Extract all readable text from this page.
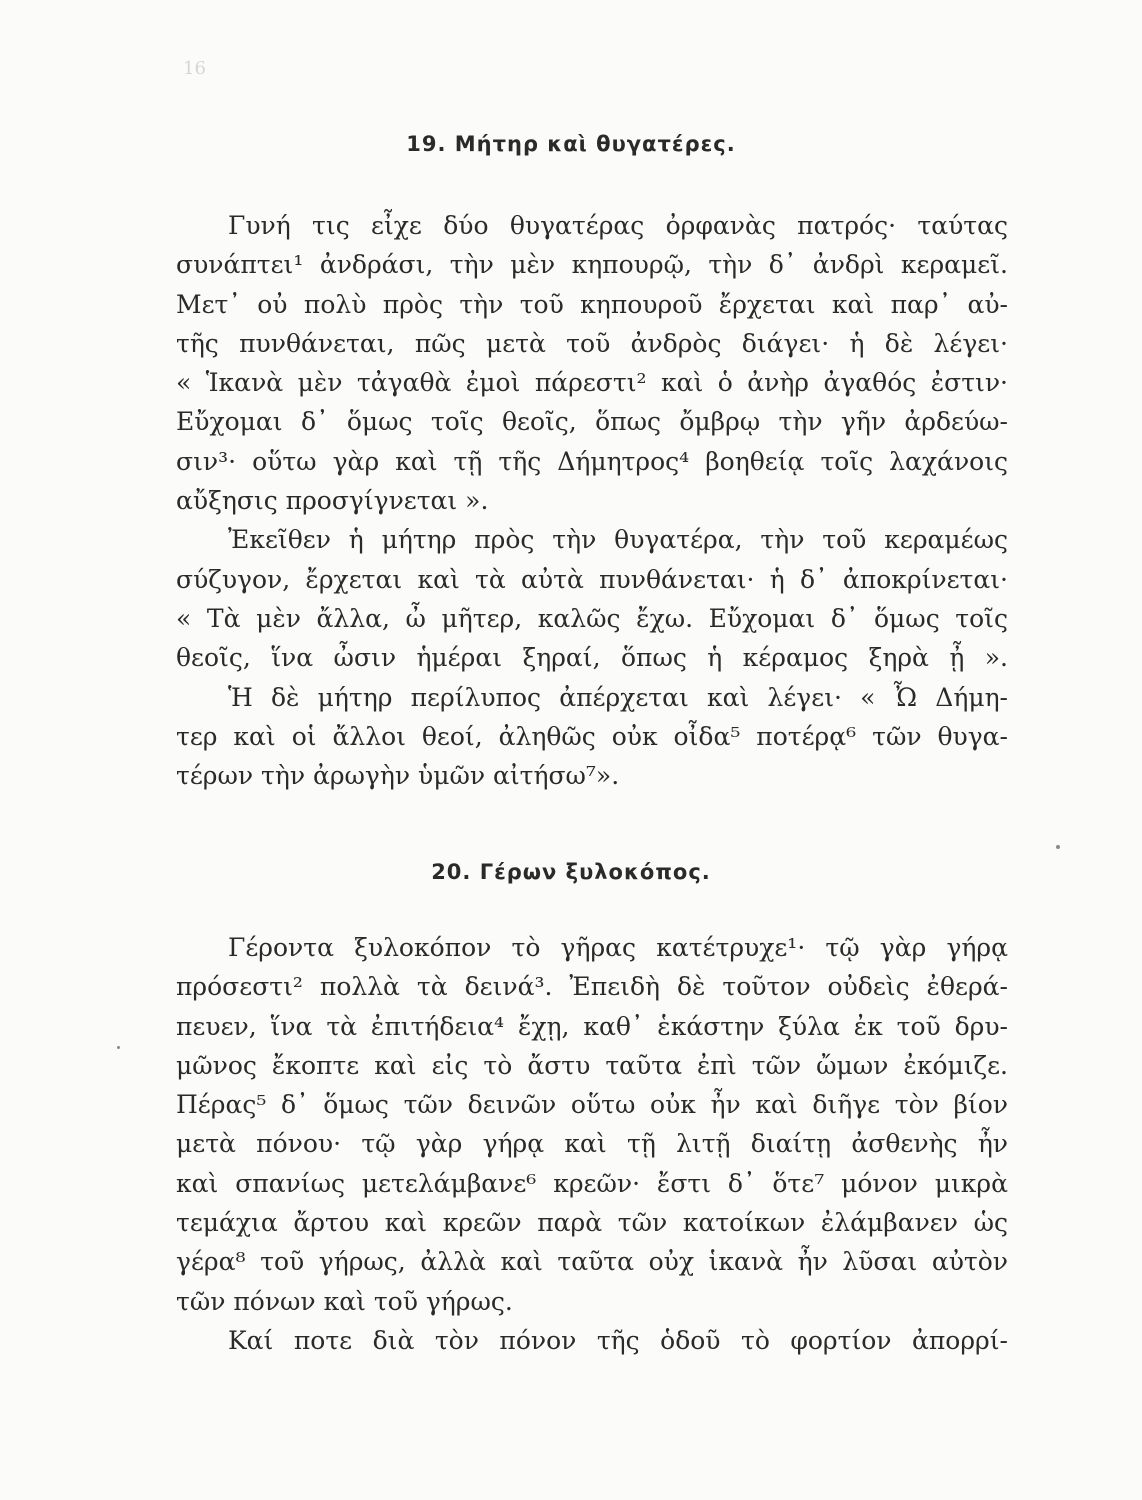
16
19. Μήτηρ καὶ θυγατέρες.
Γυνή τις εἶχε δύο θυγατέρας ὀρφανὰς πατρός· ταύτας
συνάπτει¹ ἀνδράσι, τὴν μὲν κηπουρῷ, τὴν δ᾽ ἀνδρὶ κεραμεῖ.
Μετ᾽ οὐ πολὺ πρὸς τὴν τοῦ κηπουροῦ ἔρχεται καὶ παρ᾽ αὐ-
τῆς πυνθάνεται, πῶς μετὰ τοῦ ἀνδρὸς διάγει· ἡ δὲ λέγει·
« Ἱκανὰ μὲν τἀγαθὰ ἐμοὶ πάρεστι² καὶ ὁ ἀνὴρ ἀγαθός ἐστιν·
Εὔχομαι δ᾽ ὅμως τοῖς θεοῖς, ὅπως ὄμβρῳ τὴν γῆν ἀρδεύω-
σιν³· οὕτω γὰρ καὶ τῇ τῆς Δήμητρος⁴ βοηθείᾳ τοῖς λαχάνοις
αὔξησις προσγίγνεται ».
Ἐκεῖθεν ἡ μήτηρ πρὸς τὴν θυγατέρα, τὴν τοῦ κεραμέως
σύζυγον, ἔρχεται καὶ τὰ αὐτὰ πυνθάνεται· ἡ δ᾽ ἀποκρίνεται·
« Τὰ μὲν ἄλλα, ὦ μῆτερ, καλῶς ἔχω. Εὔχομαι δ᾽ ὅμως τοῖς
θεοῖς, ἵνα ὦσιν ἡμέραι ξηραί, ὅπως ἡ κέραμος ξηρὰ ᾖ ».
Ἡ δὲ μήτηρ περίλυπος ἀπέρχεται καὶ λέγει· « Ὦ Δήμη-
τερ καὶ οἱ ἄλλοι θεοί, ἀληθῶς οὐκ οἶδα⁵ ποτέρᾳ⁶ τῶν θυγα-
τέρων τὴν ἀρωγὴν ὑμῶν αἰτήσω⁷».
20. Γέρων ξυλοκόπος.
Γέροντα ξυλοκόπον τὸ γῆρας κατέτρυχε¹· τῷ γὰρ γήρᾳ
πρόσεστι² πολλὰ τὰ δεινά³. Ἐπειδὴ δὲ τοῦτον οὐδεὶς ἐθερά-
πευεν, ἵνα τὰ ἐπιτήδεια⁴ ἔχῃ, καθ᾽ ἑκάστην ξύλα ἐκ τοῦ δρυ-
μῶνος ἔκοπτε καὶ εἰς τὸ ἄστυ ταῦτα ἐπὶ τῶν ὤμων ἐκόμιζε.
Πέρας⁵ δ᾽ ὅμως τῶν δεινῶν οὕτω οὐκ ἦν καὶ διῆγε τὸν βίον
μετὰ πόνου· τῷ γὰρ γήρᾳ καὶ τῇ λιτῇ διαίτῃ ἀσθενὴς ἦν
καὶ σπανίως μετελάμβανε⁶ κρεῶν· ἔστι δ᾽ ὅτε⁷ μόνον μικρὰ
τεμάχια ἄρτου καὶ κρεῶν παρὰ τῶν κατοίκων ἐλάμβανεν ὡς
γέρα⁸ τοῦ γήρως, ἀλλὰ καὶ ταῦτα οὐχ ἱκανὰ ἦν λῦσαι αὐτὸν
τῶν πόνων καὶ τοῦ γήρως.
Καί ποτε διὰ τὸν πόνον τῆς ὁδοῦ τὸ φορτίον ἀπορρί-
